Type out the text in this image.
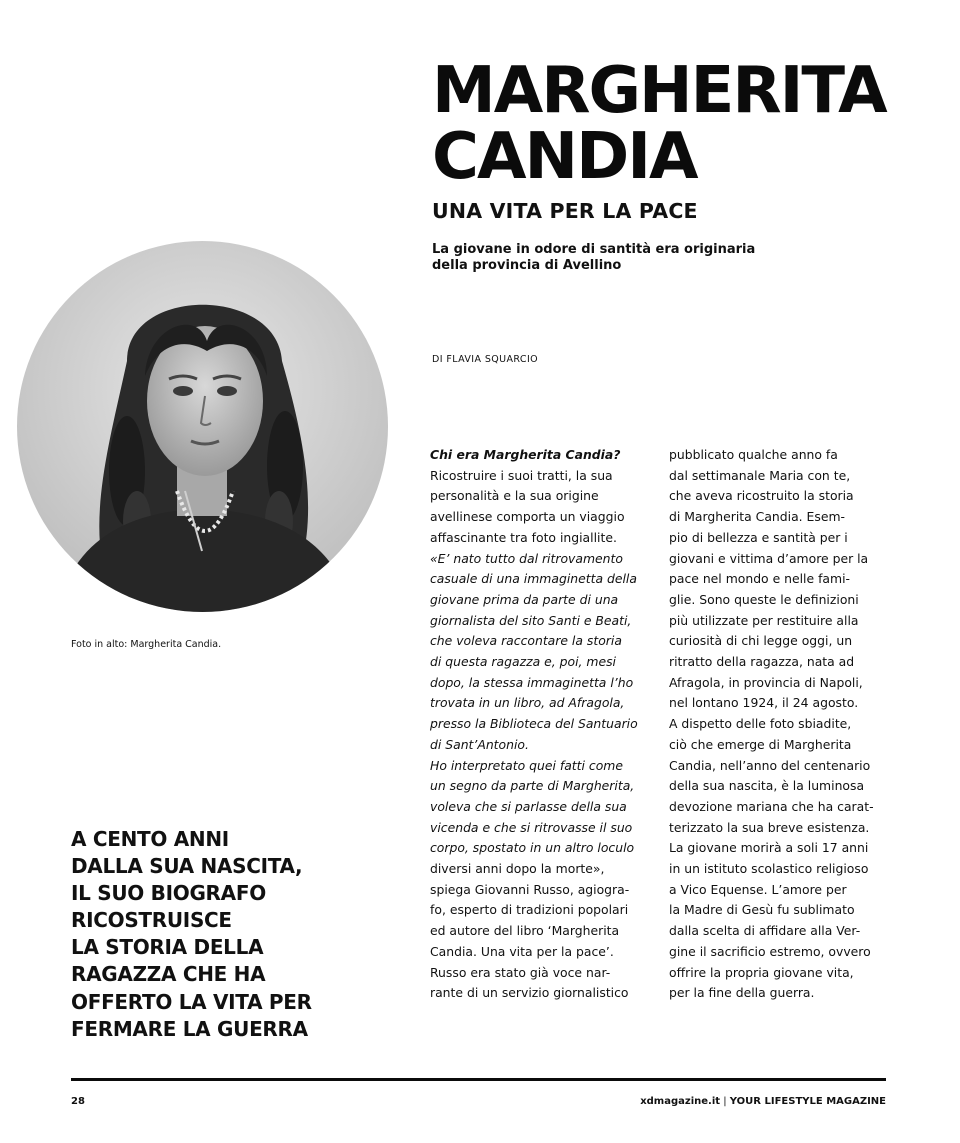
MARGHERITA
CANDIA
UNA VITA PER LA PACE

La giovane in odore di santità era originaria
della provincia di Avellino

DI FLAVIA SQUARCIO

Foto in alto: Margherita Candia.

A CENTO ANNI
DALLA SUA NASCITA,
IL SUO BIOGRAFO
RICOSTRUISCE
LA STORIA DELLA
RAGAZZA CHE HA
OFFERTO LA VITA PER
FERMARE LA GUERRA

Chi era Margherita Candia?
Ricostruire i suoi tratti, la sua
personalità e la sua origine
avellinese comporta un viaggio
affascinante tra foto ingiallite.
«E’ nato tutto dal ritrovamento
casuale di una immaginetta della
giovane prima da parte di una
giornalista del sito Santi e Beati,
che voleva raccontare la storia
di questa ragazza e, poi, mesi
dopo, la stessa immaginetta l’ho
trovata in un libro, ad Afragola,
presso la Biblioteca del Santuario
di Sant’Antonio.
Ho interpretato quei fatti come
un segno da parte di Margherita,
voleva che si parlasse della sua
vicenda e che si ritrovasse il suo
corpo, spostato in un altro loculo
diversi anni dopo la morte»,
spiega Giovanni Russo, agiogra-
fo, esperto di tradizioni popolari
ed autore del libro ‘Margherita
Candia. Una vita per la pace’.
Russo era stato già voce nar-
rante di un servizio giornalistico
pubblicato qualche anno fa
dal settimanale Maria con te,
che aveva ricostruito la storia
di Margherita Candia. Esem-
pio di bellezza e santità per i
giovani e vittima d’amore per la
pace nel mondo e nelle fami-
glie. Sono queste le definizioni
più utilizzate per restituire alla
curiosità di chi legge oggi, un
ritratto della ragazza, nata ad
Afragola, in provincia di Napoli,
nel lontano 1924, il 24 agosto.
A dispetto delle foto sbiadite,
ciò che emerge di Margherita
Candia, nell’anno del centenario
della sua nascita, è la luminosa
devozione mariana che ha carat-
terizzato la sua breve esistenza.
La giovane morirà a soli 17 anni
in un istituto scolastico religioso
a Vico Equense. L’amore per
la Madre di Gesù fu sublimato
dalla scelta di affidare alla Ver-
gine il sacrificio estremo, ovvero
offrire la propria giovane vita,
per la fine della guerra.

28	xdmagazine.it | YOUR LIFESTYLE MAGAZINE
